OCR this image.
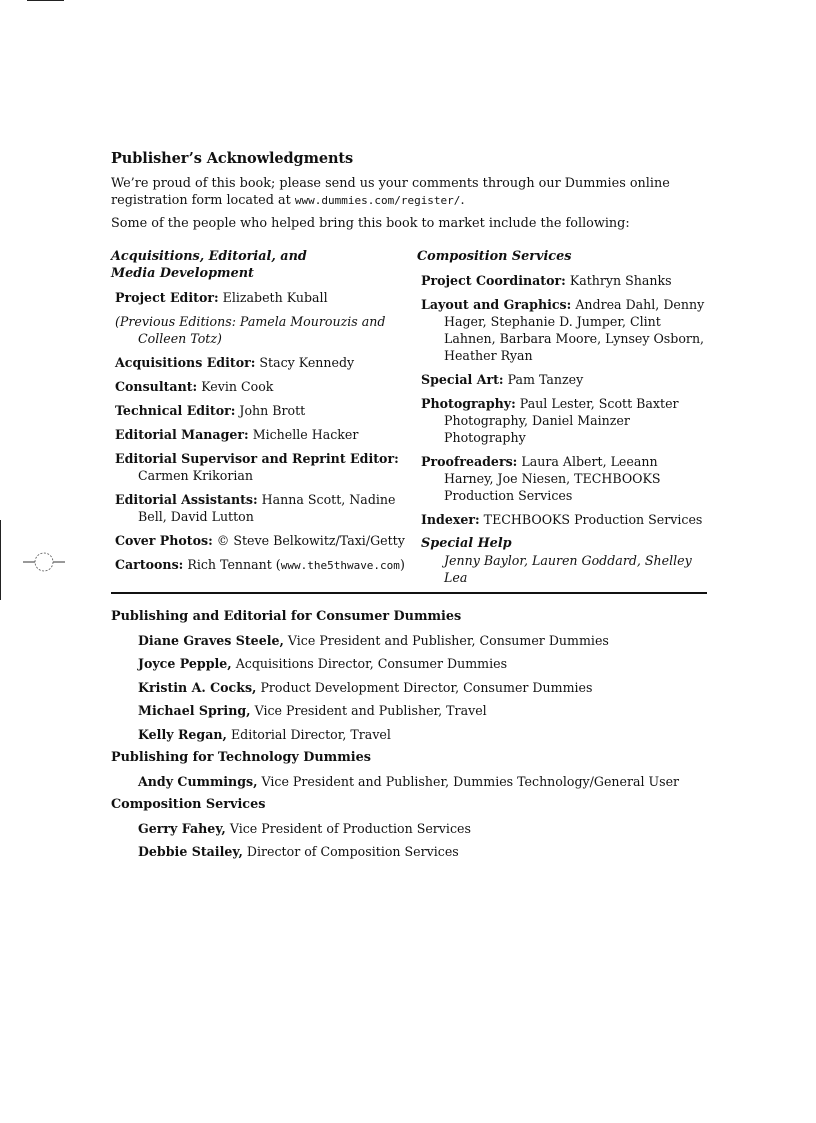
Publisher’s Acknowledgments

We’re proud of this book; please send us your comments through our Dummies online registration form located at www.dummies.com/register/.

Some of the people who helped bring this book to market include the following:

Acquisitions, Editorial, and
Media Development
Project Editor: Elizabeth Kuball
(Previous Editions: Pamela Mourouzis and Colleen Totz)
Acquisitions Editor: Stacy Kennedy
Consultant: Kevin Cook
Technical Editor: John Brott
Editorial Manager: Michelle Hacker
Editorial Supervisor and Reprint Editor: Carmen Krikorian
Editorial Assistants: Hanna Scott, Nadine Bell, David Lutton
Cover Photos: © Steve Belkowitz/Taxi/Getty
Cartoons: Rich Tennant (www.the5thwave.com)
Composition Services
Project Coordinator: Kathryn Shanks
Layout and Graphics: Andrea Dahl, Denny Hager, Stephanie D. Jumper, Clint Lahnen, Barbara Moore, Lynsey Osborn, Heather Ryan
Special Art: Pam Tanzey
Photography: Paul Lester, Scott Baxter Photography, Daniel Mainzer Photography
Proofreaders: Laura Albert, Leeann Harney, Joe Niesen, TECHBOOKS Production Services
Indexer: TECHBOOKS Production Services
Special Help
Jenny Baylor, Lauren Goddard, Shelley Lea
Publishing and Editorial for Consumer Dummies
Diane Graves Steele, Vice President and Publisher, Consumer Dummies
Joyce Pepple, Acquisitions Director, Consumer Dummies
Kristin A. Cocks, Product Development Director, Consumer Dummies
Michael Spring, Vice President and Publisher, Travel
Kelly Regan, Editorial Director, Travel
Publishing for Technology Dummies
Andy Cummings, Vice President and Publisher, Dummies Technology/General User
Composition Services
Gerry Fahey, Vice President of Production Services
Debbie Stailey, Director of Composition Services
